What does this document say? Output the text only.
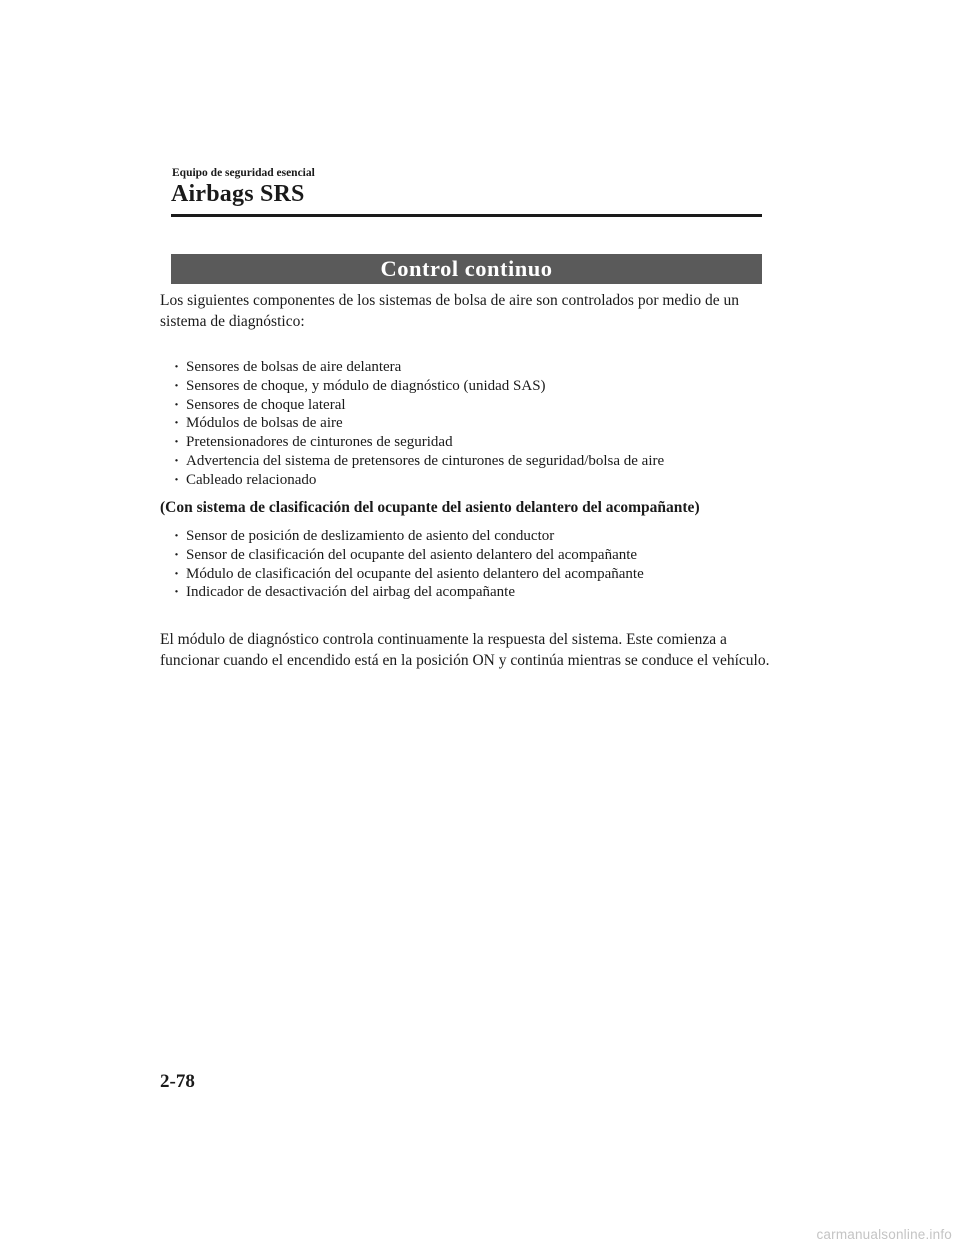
Equipo de seguridad esencial
Airbags SRS
Control continuo

Los siguientes componentes de los sistemas de bolsa de aire son controlados por medio de un sistema de diagnóstico:

· Sensores de bolsas de aire delantera
· Sensores de choque, y módulo de diagnóstico (unidad SAS)
· Sensores de choque lateral
· Módulos de bolsas de aire
· Pretensionadores de cinturones de seguridad
· Advertencia del sistema de pretensores de cinturones de seguridad/bolsa de aire
· Cableado relacionado
(Con sistema de clasificación del ocupante del asiento delantero del acompañante)
· Sensor de posición de deslizamiento de asiento del conductor
· Sensor de clasificación del ocupante del asiento delantero del acompañante
· Módulo de clasificación del ocupante del asiento delantero del acompañante
· Indicador de desactivación del airbag del acompañante

El módulo de diagnóstico controla continuamente la respuesta del sistema. Este comienza a funcionar cuando el encendido está en la posición ON y continúa mientras se conduce el vehículo.

2-78
carmanualsonline.info
